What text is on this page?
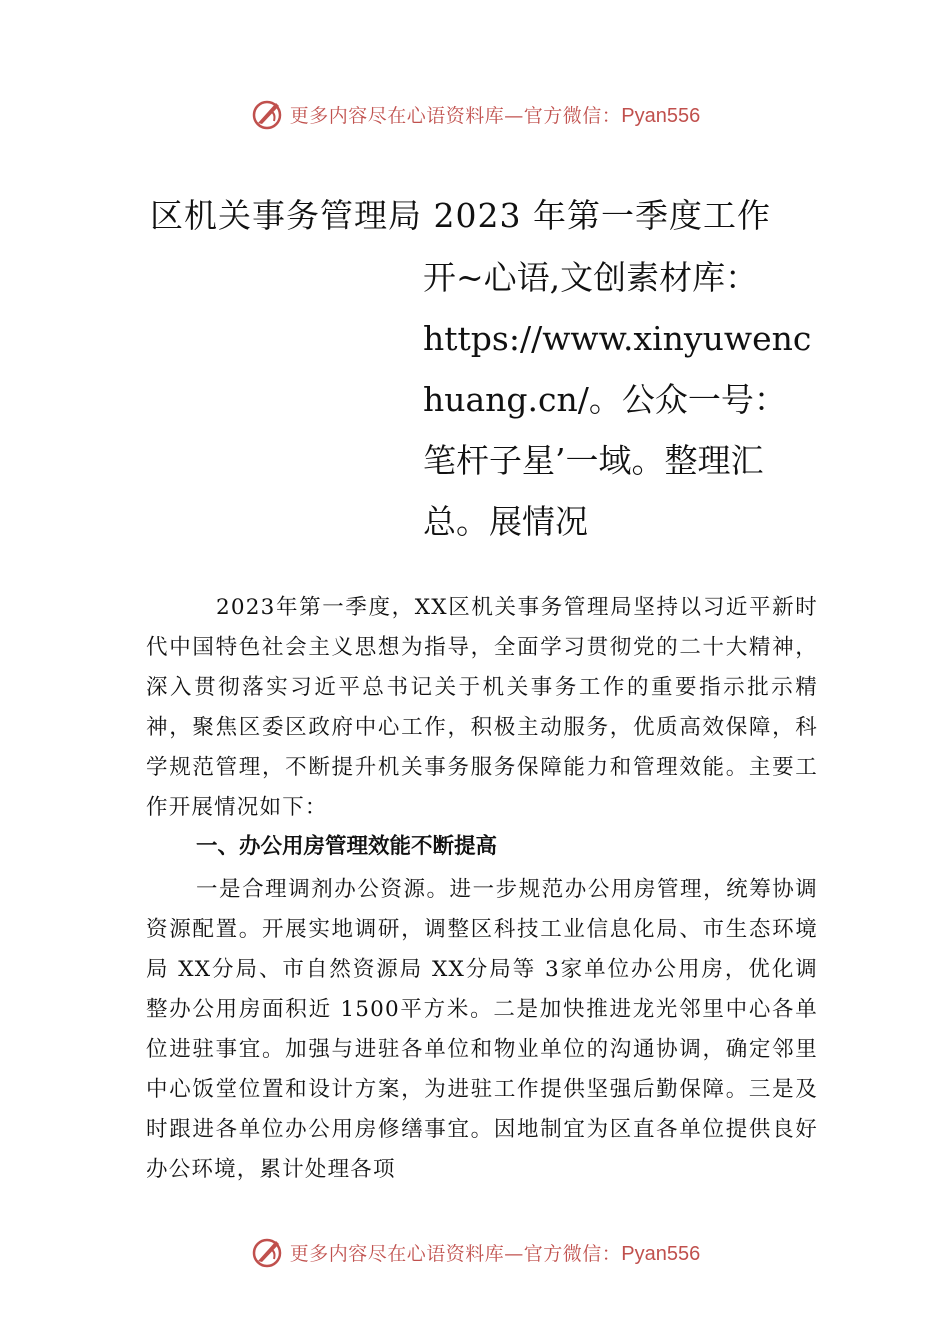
更多内容尽在心语资料库—官方微信：Pyan556
区机关事务管理局 2023 年第一季度工作
开~心语,文创素材库：
https://www.xinyuwenc
huang.cn/。公众一号：
笔杆子星’一域。整理汇
总。展情况
2023年第一季度，XX区机关事务管理局坚持以习近平新时代中国特色社会主义思想为指导，全面学习贯彻党的二十大精神，深入贯彻落实习近平总书记关于机关事务工作的重要指示批示精神，聚焦区委区政府中心工作，积极主动服务，优质高效保障，科学规范管理，不断提升机关事务服务保障能力和管理效能。主要工作开展情况如下：
一、办公用房管理效能不断提高
一是合理调剂办公资源。进一步规范办公用房管理，统筹协调资源配置。开展实地调研，调整区科技工业信息化局、市生态环境局 XX分局、市自然资源局 XX分局等 3家单位办公用房，优化调整办公用房面积近 1500平方米。二是加快推进龙光邻里中心各单位进驻事宜。加强与进驻各单位和物业单位的沟通协调，确定邻里中心饭堂位置和设计方案，为进驻工作提供坚强后勤保障。三是及时跟进各单位办公用房修缮事宜。因地制宜为区直各单位提供良好办公环境，累计处理各项
更多内容尽在心语资料库—官方微信：Pyan556
